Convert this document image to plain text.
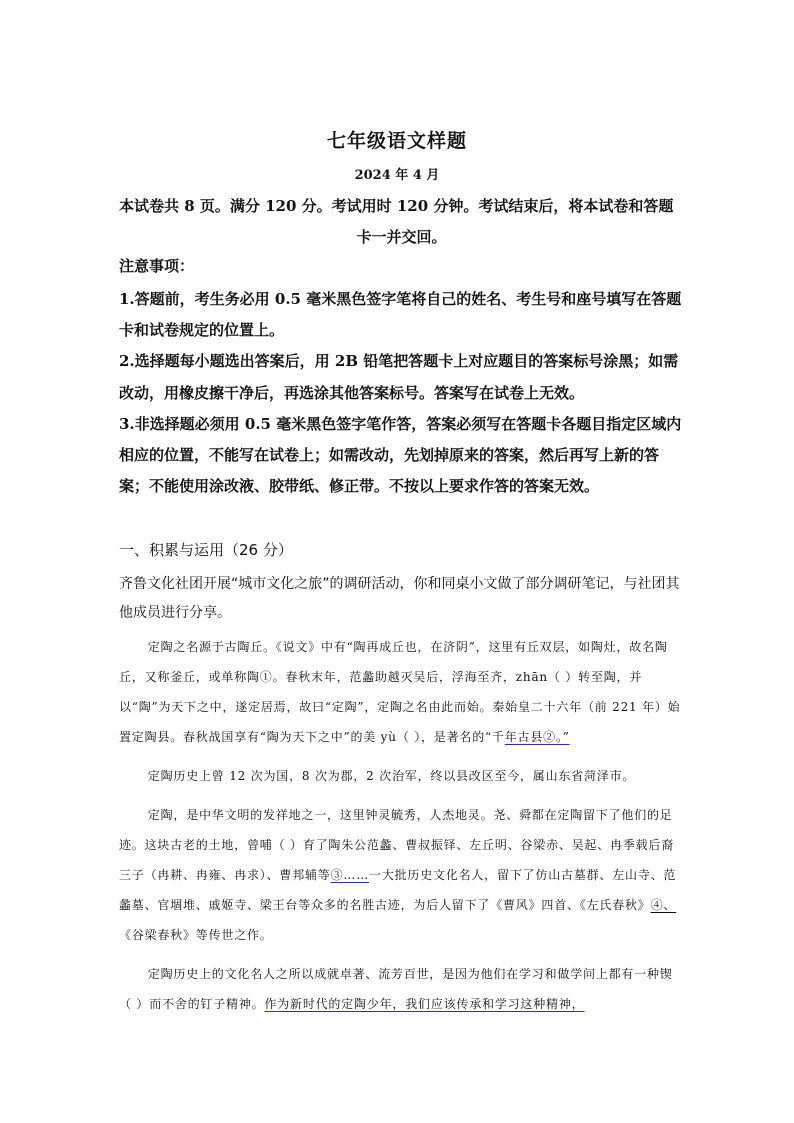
七年级语文样题
2024 年 4 月
本试卷共 8 页。满分 120 分。考试用时 120 分钟。考试结束后，将本试卷和答题
卡一并交回。
注意事项：

1.答题前，考生务必用 0.5 毫米黑色签字笔将自己的姓名、考生号和座号填写在答题卡和试卷规定的位置上。

2.选择题每小题选出答案后，用 2B 铅笔把答题卡上对应题目的答案标号涂黑；如需改动，用橡皮擦干净后，再选涂其他答案标号。答案写在试卷上无效。

3.非选择题必须用 0.5 毫米黑色签字笔作答，答案必须写在答题卡各题目指定区域内相应的位置，不能写在试卷上；如需改动，先划掉原来的答案，然后再写上新的答案；不能使用涂改液、胶带纸、修正带。不按以上要求作答的答案无效。

一、积累与运用（26 分）
齐鲁文化社团开展“城市文化之旅”的调研活动，你和同桌小文做了部分调研笔记，与社团其他成员进行分享。

定陶之名源于古陶丘。《说文》中有“陶再成丘也，在济阴”，这里有丘双层，如陶灶，故名陶丘，又称釜丘，或单称陶①。春秋末年，范蠡助越灭吴后，浮海至齐，zhān（ ）转至陶，并以“陶”为天下之中，遂定居焉，故曰“定陶”，定陶之名由此而始。秦始皇二十六年（前 221 年）始置定陶县。春秋战国享有“陶为天下之中”的美 yù（ ），是著名的“千年古县②。”

定陶历史上曾 12 次为国，8 次为郡，2 次治军，终以县改区至今，属山东省菏泽市。

定陶，是中华文明的发祥地之一，这里钟灵毓秀，人杰地灵。尧、舜都在定陶留下了他们的足迹。这块古老的土地，曾哺（ ）育了陶朱公范蠡、曹叔振铎、左丘明、谷梁赤、吴起、冉季载后裔三子（冉耕、冉雍、冉求）、曹邦辅等③……一大批历史文化名人，留下了仿山古墓群、左山寺、范蠡墓、官堌堆、戚姬寺、梁王台等众多的名胜古迹，为后人留下了《曹风》四首、《左氏春秋》④、《谷梁春秋》等传世之作。

定陶历史上的文化名人之所以成就卓著、流芳百世，是因为他们在学习和做学问上都有一种锲（ ）而不舍的钉子精神。作为新时代的定陶少年，我们应该传承和学习这种精神，
